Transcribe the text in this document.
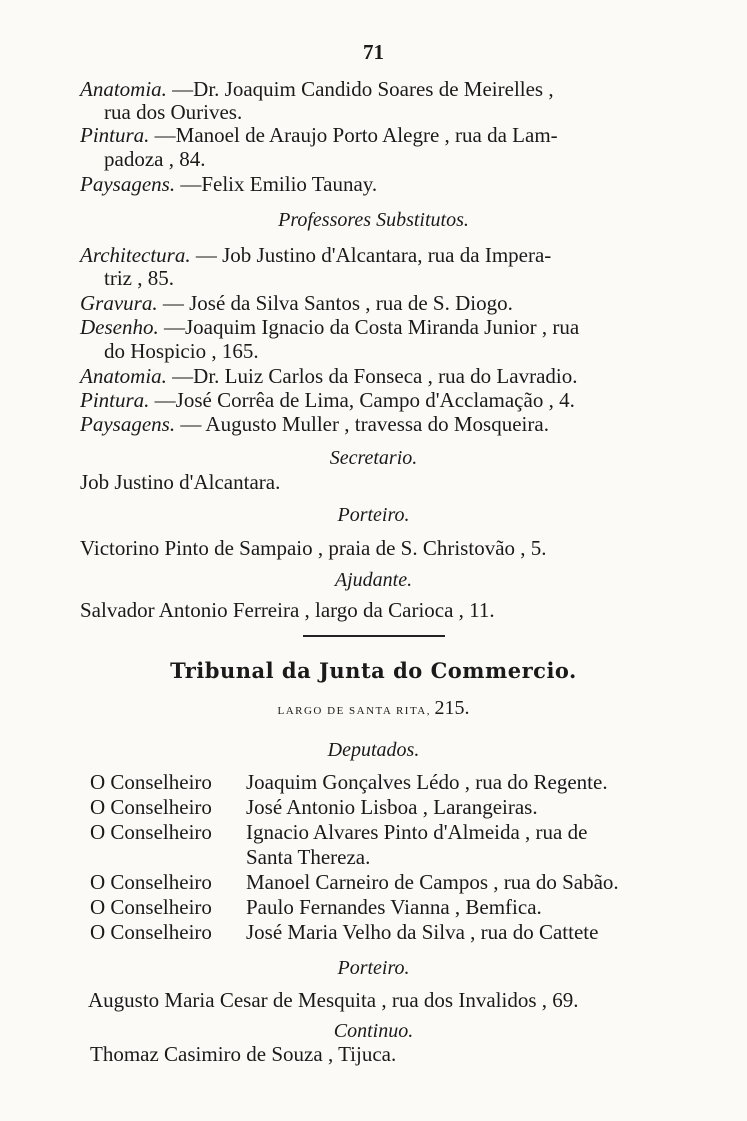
71
Anatomia. —Dr. Joaquim Candido Soares de Meirelles ,
rua dos Ourives.
Pintura. —Manoel de Araujo Porto Alegre , rua da Lam-
padoza , 84.
Paysagens. —Felix Emilio Taunay.
Professores Substitutos.
Architectura. — Job Justino d'Alcantara, rua da Impera-
triz , 85.
Gravura. — José da Silva Santos , rua de S. Diogo.
Desenho. —Joaquim Ignacio da Costa Miranda Junior , rua
do Hospicio , 165.
Anatomia. —Dr. Luiz Carlos da Fonseca , rua do Lavradio.
Pintura. —José Corrêa de Lima, Campo d'Acclamação , 4.
Paysagens. — Augusto Muller , travessa do Mosqueira.
Secretario.
Job Justino d'Alcantara.
Porteiro.
Victorino Pinto de Sampaio , praia de S. Christovão , 5.
Ajudante.
Salvador Antonio Ferreira , largo da Carioca , 11.
Tribunal da Junta do Commercio.
LARGO DE SANTA RITA, 215.
Deputados.
O Conselheiro Joaquim Gonçalves Lédo , rua do Regente.
O Conselheiro José Antonio Lisboa , Larangeiras.
O Conselheiro Ignacio Alvares Pinto d'Almeida , rua de
Santa Thereza.
O Conselheiro Manoel Carneiro de Campos , rua do Sabão.
O Conselheiro Paulo Fernandes Vianna , Bemfica.
O Conselheiro José Maria Velho da Silva , rua do Cattete
Porteiro.
Augusto Maria Cesar de Mesquita , rua dos Invalidos , 69.
Continuo.
Thomaz Casimiro de Souza , Tijuca.
